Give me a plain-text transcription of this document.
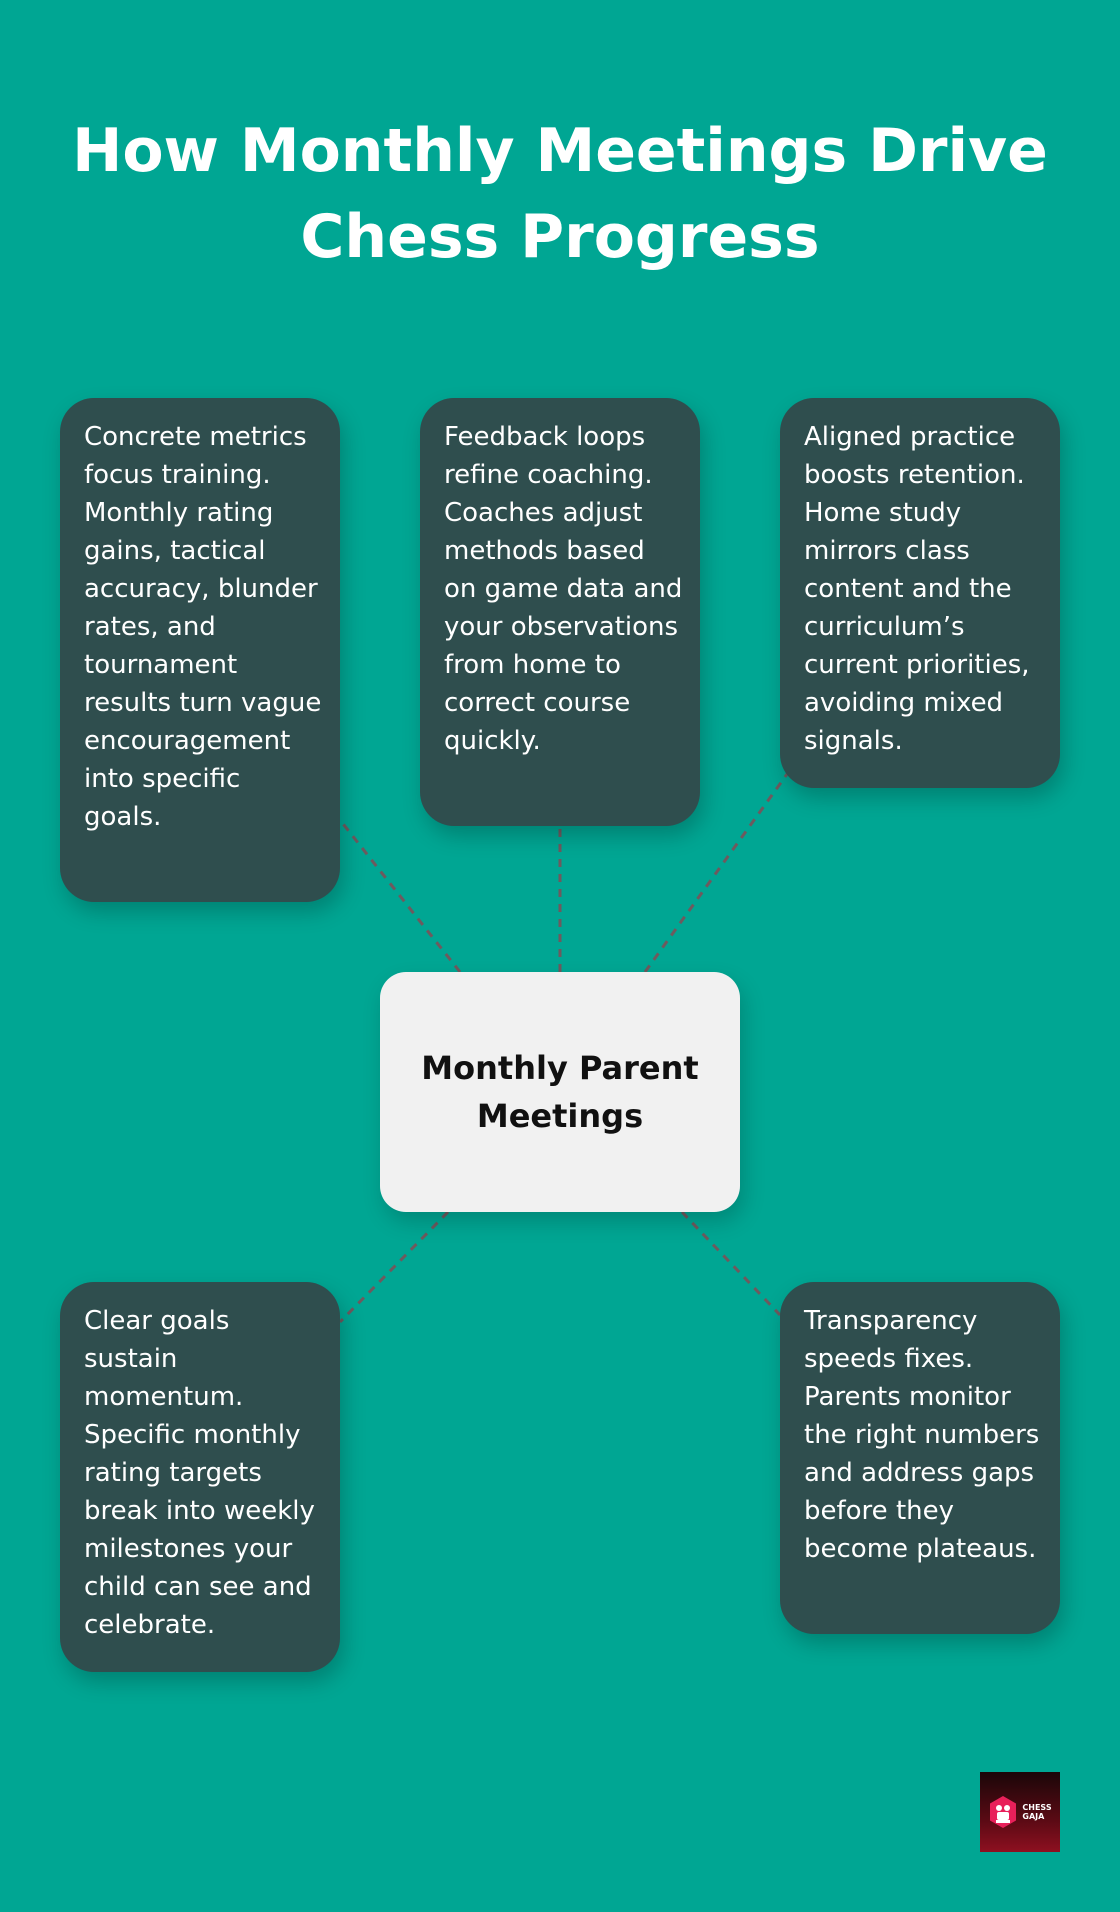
How Monthly Meetings Drive Chess Progress
Concrete metrics focus training. Monthly rating gains, tactical accuracy, blunder rates, and tournament results turn vague encouragement into specific goals.
Feedback loops refine coaching. Coaches adjust methods based on game data and your observations from home to correct course quickly.
Aligned practice boosts retention. Home study mirrors class content and the curriculum’s current priorities, avoiding mixed signals.
Clear goals sustain momentum. Specific monthly rating targets break into weekly milestones your child can see and celebrate.
Transparency speeds fixes. Parents monitor the right numbers and address gaps before they become plateaus.
Monthly Parent Meetings
CHESS
GAJA
